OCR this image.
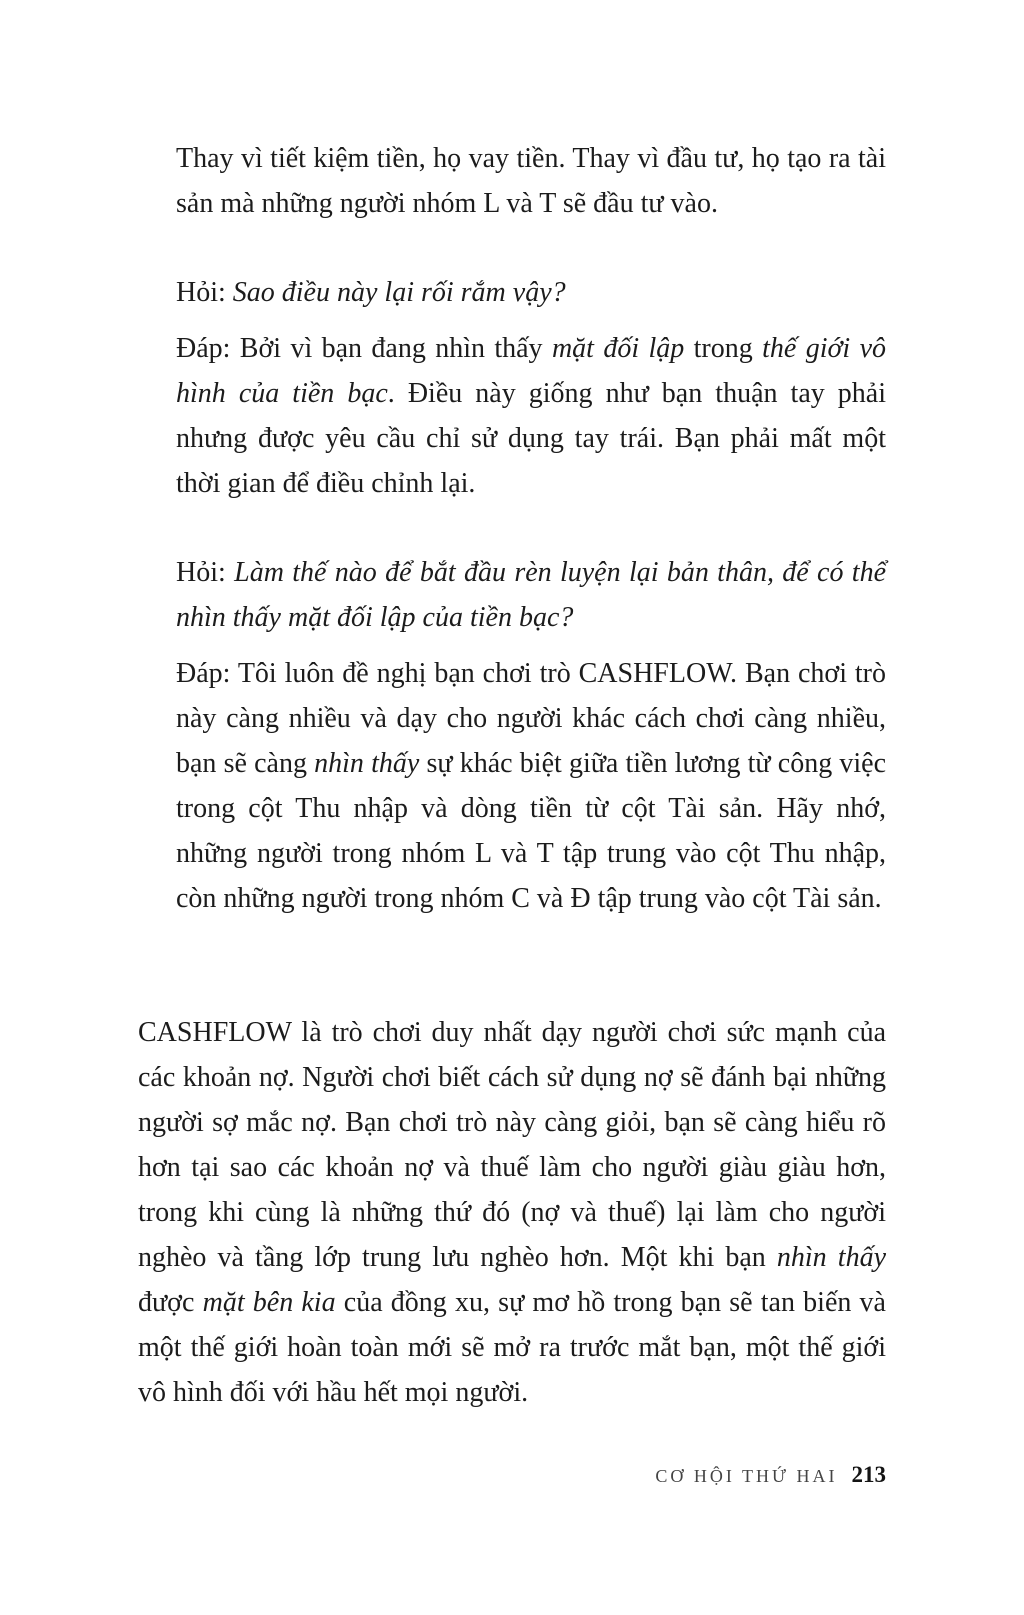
Thay vì tiết kiệm tiền, họ vay tiền. Thay vì đầu tư, họ tạo ra tài sản mà những người nhóm L và T sẽ đầu tư vào.

Hỏi: Sao điều này lại rối rắm vậy?

Đáp: Bởi vì bạn đang nhìn thấy mặt đối lập trong thế giới vô hình của tiền bạc. Điều này giống như bạn thuận tay phải nhưng được yêu cầu chỉ sử dụng tay trái. Bạn phải mất một thời gian để điều chỉnh lại.

Hỏi: Làm thế nào để bắt đầu rèn luyện lại bản thân, để có thể nhìn thấy mặt đối lập của tiền bạc?

Đáp: Tôi luôn đề nghị bạn chơi trò CASHFLOW. Bạn chơi trò này càng nhiều và dạy cho người khác cách chơi càng nhiều, bạn sẽ càng nhìn thấy sự khác biệt giữa tiền lương từ công việc trong cột Thu nhập và dòng tiền từ cột Tài sản. Hãy nhớ, những người trong nhóm L và T tập trung vào cột Thu nhập, còn những người trong nhóm C và Đ tập trung vào cột Tài sản.

CASHFLOW là trò chơi duy nhất dạy người chơi sức mạnh của các khoản nợ. Người chơi biết cách sử dụng nợ sẽ đánh bại những người sợ mắc nợ. Bạn chơi trò này càng giỏi, bạn sẽ càng hiểu rõ hơn tại sao các khoản nợ và thuế làm cho người giàu giàu hơn, trong khi cùng là những thứ đó (nợ và thuế) lại làm cho người nghèo và tầng lớp trung lưu nghèo hơn. Một khi bạn nhìn thấy được mặt bên kia của đồng xu, sự mơ hồ trong bạn sẽ tan biến và một thế giới hoàn toàn mới sẽ mở ra trước mắt bạn, một thế giới vô hình đối với hầu hết mọi người.

CƠ HỘI THỨ HAI 213
